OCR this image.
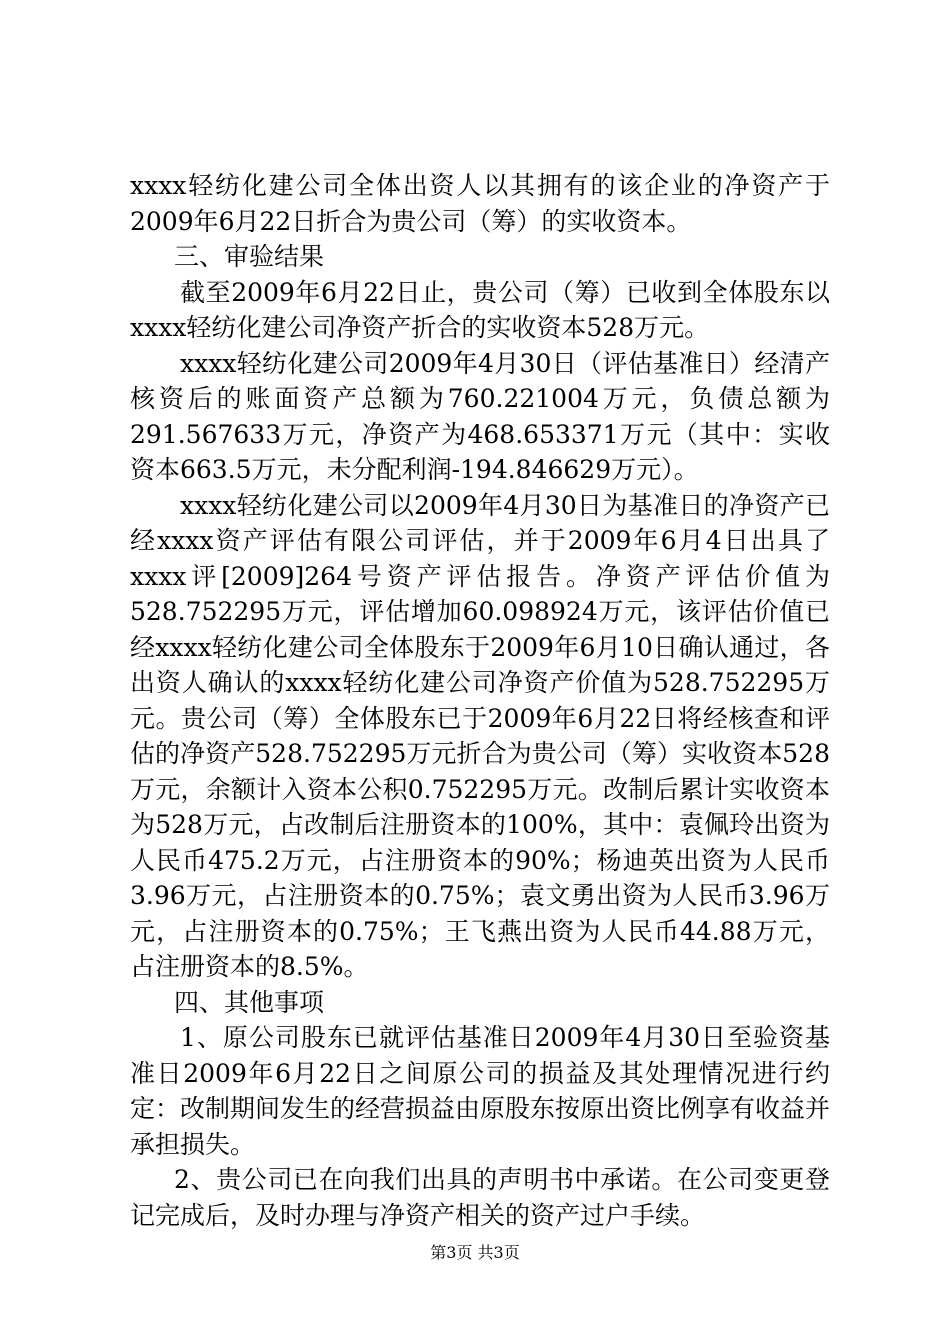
xxxx轻纺化建公司全体出资人以其拥有的该企业的净资产于2009年6月22日折合为贵公司（筹）的实收资本。

三、审验结果

截至2009年6月22日止，贵公司（筹）已收到全体股东以xxxx轻纺化建公司净资产折合的实收资本528万元。

xxxx轻纺化建公司2009年4月30日（评估基准日）经清产核资后的账面资产总额为760.221004万元，负债总额为291.567633万元，净资产为468.653371万元（其中：实收资本663.5万元，未分配利润-194.846629万元）。

xxxx轻纺化建公司以2009年4月30日为基准日的净资产已经xxxx资产评估有限公司评估，并于2009年6月4日出具了xxxx评[2009]264号资产评估报告。净资产评估价值为528.752295万元，评估增加60.098924万元，该评估价值已经xxxx轻纺化建公司全体股东于2009年6月10日确认通过，各出资人确认的xxxx轻纺化建公司净资产价值为528.752295万元。贵公司（筹）全体股东已于2009年6月22日将经核查和评估的净资产528.752295万元折合为贵公司（筹）实收资本528万元，余额计入资本公积0.752295万元。改制后累计实收资本为528万元，占改制后注册资本的100%，其中：袁佩玲出资为人民币475.2万元，占注册资本的90%；杨迪英出资为人民币3.96万元，占注册资本的0.75%；袁文勇出资为人民币3.96万元，占注册资本的0.75%；王飞燕出资为人民币44.88万元，占注册资本的8.5%。

四、其他事项

1、原公司股东已就评估基准日2009年4月30日至验资基准日2009年6月22日之间原公司的损益及其处理情况进行约定：改制期间发生的经营损益由原股东按原出资比例享有收益并承担损失。

2、贵公司已在向我们出具的声明书中承诺。在公司变更登记完成后，及时办理与净资产相关的资产过户手续。

第3页 共3页
